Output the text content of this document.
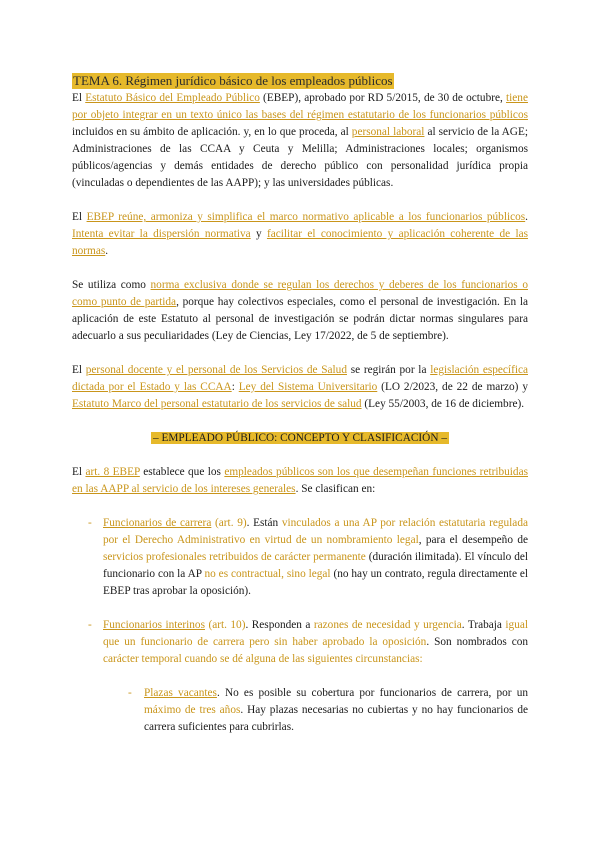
TEMA 6. Régimen jurídico básico de los empleados públicos

El Estatuto Básico del Empleado Público (EBEP), aprobado por RD 5/2015, de 30 de octubre, tiene por objeto integrar en un texto único las bases del régimen estatutario de los funcionarios públicos incluidos en su ámbito de aplicación. y, en lo que proceda, al personal laboral al servicio de la AGE; Administraciones de las CCAA y Ceuta y Melilla; Administraciones locales; organismos públicos/agencias y demás entidades de derecho público con personalidad jurídica propia (vinculadas o dependientes de las AAPP); y las universidades públicas.

El EBEP reúne, armoniza y simplifica el marco normativo aplicable a los funcionarios públicos. Intenta evitar la dispersión normativa y facilitar el conocimiento y aplicación coherente de las normas.

Se utiliza como norma exclusiva donde se regulan los derechos y deberes de los funcionarios o como punto de partida, porque hay colectivos especiales, como el personal de investigación. En la aplicación de este Estatuto al personal de investigación se podrán dictar normas singulares para adecuarlo a sus peculiaridades (Ley de Ciencias, Ley 17/2022, de 5 de septiembre).

El personal docente y el personal de los Servicios de Salud se regirán por la legislación específica dictada por el Estado y las CCAA: Ley del Sistema Universitario (LO 2/2023, de 22 de marzo) y Estatuto Marco del personal estatutario de los servicios de salud (Ley 55/2003, de 16 de diciembre).

– EMPLEADO PÚBLICO: CONCEPTO Y CLASIFICACIÓN –

El art. 8 EBEP establece que los empleados públicos son los que desempeñan funciones retribuidas en las AAPP al servicio de los intereses generales. Se clasifican en:

- Funcionarios de carrera (art. 9). Están vinculados a una AP por relación estatutaria regulada por el Derecho Administrativo en virtud de un nombramiento legal, para el desempeño de servicios profesionales retribuidos de carácter permanente (duración ilimitada). El vínculo del funcionario con la AP no es contractual, sino legal (no hay un contrato, regula directamente el EBEP tras aprobar la oposición).
- Funcionarios interinos (art. 10). Responden a razones de necesidad y urgencia. Trabaja igual que un funcionario de carrera pero sin haber aprobado la oposición. Son nombrados con carácter temporal cuando se dé alguna de las siguientes circunstancias:
- Plazas vacantes. No es posible su cobertura por funcionarios de carrera, por un máximo de tres años. Hay plazas necesarias no cubiertas y no hay funcionarios de carrera suficientes para cubrirlas.
